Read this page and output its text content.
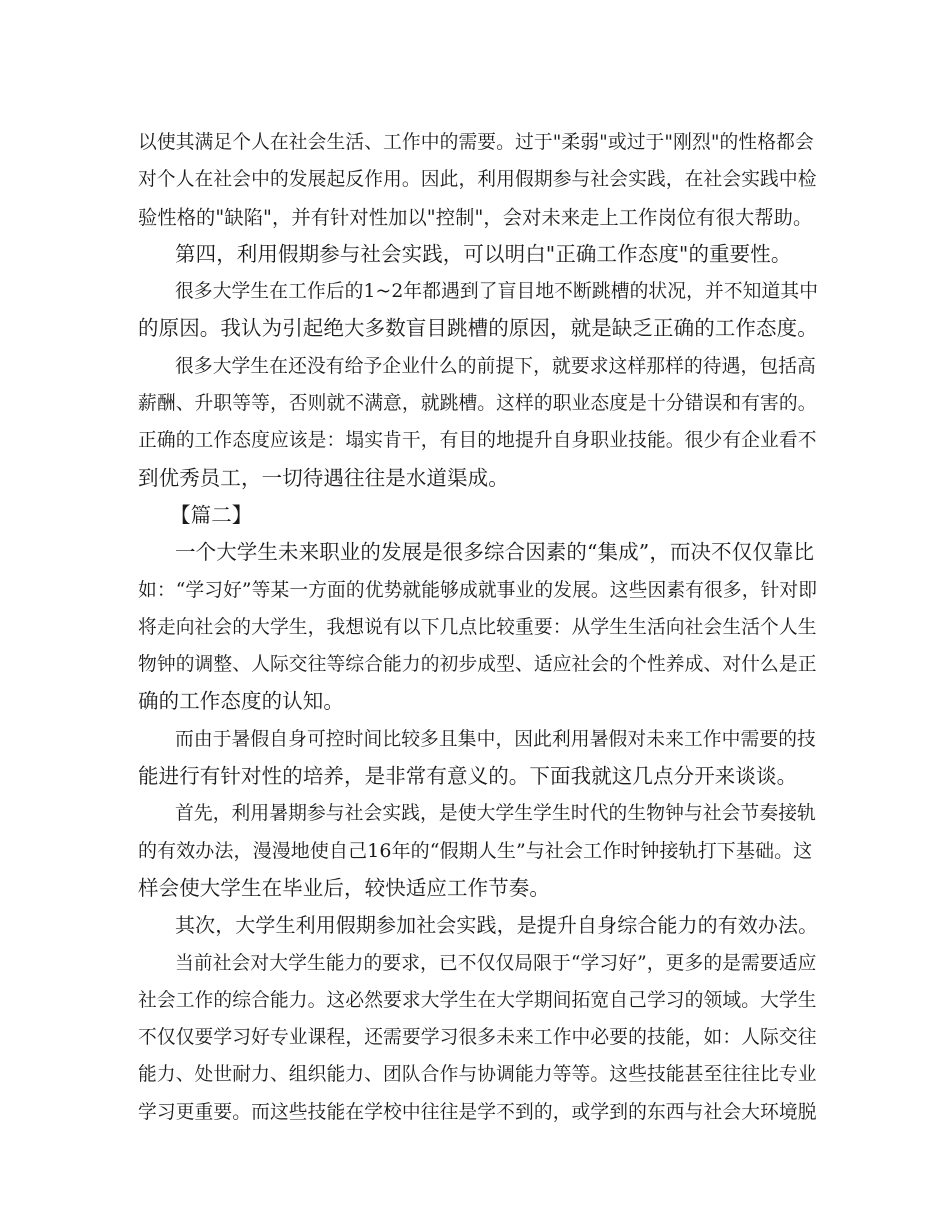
以使其满足个人在社会生活、工作中的需要。过于"柔弱"或过于"刚烈"的性格都会
对个人在社会中的发展起反作用。因此，利用假期参与社会实践，在社会实践中检
验性格的"缺陷"，并有针对性加以"控制"，会对未来走上工作岗位有很大帮助。
第四，利用假期参与社会实践，可以明白"正确工作态度"的重要性。
很多大学生在工作后的1~2年都遇到了盲目地不断跳槽的状况，并不知道其中
的原因。我认为引起绝大多数盲目跳槽的原因，就是缺乏正确的工作态度。
很多大学生在还没有给予企业什么的前提下，就要求这样那样的待遇，包括高
薪酬、升职等等，否则就不满意，就跳槽。这样的职业态度是十分错误和有害的。
正确的工作态度应该是：塌实肯干，有目的地提升自身职业技能。很少有企业看不
到优秀员工，一切待遇往往是水道渠成。
【篇二】
一个大学生未来职业的发展是很多综合因素的“集成”，而决不仅仅靠比
如：“学习好”等某一方面的优势就能够成就事业的发展。这些因素有很多，针对即
将走向社会的大学生，我想说有以下几点比较重要：从学生生活向社会生活个人生
物钟的调整、人际交往等综合能力的初步成型、适应社会的个性养成、对什么是正
确的工作态度的认知。
而由于暑假自身可控时间比较多且集中，因此利用暑假对未来工作中需要的技
能进行有针对性的培养，是非常有意义的。下面我就这几点分开来谈谈。
首先，利用暑期参与社会实践，是使大学生学生时代的生物钟与社会节奏接轨
的有效办法，漫漫地使自己16年的“假期人生”与社会工作时钟接轨打下基础。这
样会使大学生在毕业后，较快适应工作节奏。
其次，大学生利用假期参加社会实践，是提升自身综合能力的有效办法。
当前社会对大学生能力的要求，已不仅仅局限于“学习好”，更多的是需要适应
社会工作的综合能力。这必然要求大学生在大学期间拓宽自己学习的领域。大学生
不仅仅要学习好专业课程，还需要学习很多未来工作中必要的技能，如：人际交往
能力、处世耐力、组织能力、团队合作与协调能力等等。这些技能甚至往往比专业
学习更重要。而这些技能在学校中往往是学不到的，或学到的东西与社会大环境脱
